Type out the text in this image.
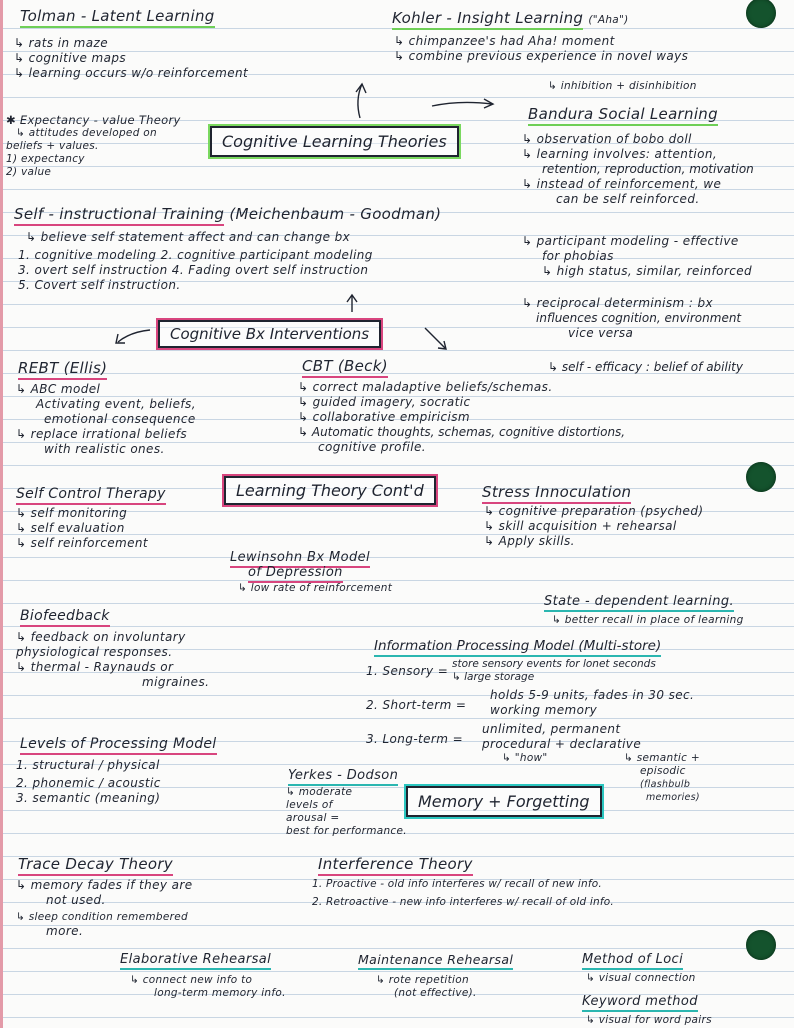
Tolman - Latent Learning
↳ rats in maze
↳ cognitive maps
↳ learning occurs w/o reinforcement
Kohler - Insight Learning ("Aha")
↳ chimpanzee's had Aha! moment
↳ combine previous experience in novel ways
✱ Expectancy - value Theory
↳ attitudes developed on
beliefs + values.
1) expectancy
2) value
Cognitive Learning Theories
↳ inhibition + disinhibition
Bandura Social Learning
↳ observation of bobo doll
↳ learning involves: attention,
retention, reproduction, motivation
↳ instead of reinforcement, we
can be self reinforced.
↳ participant modeling - effective
for phobias
↳ high status, similar, reinforced
↳ reciprocal determinism : bx
influences cognition, environment
vice versa
↳ self - efficacy : belief of ability
Self - instructional Training (Meichenbaum - Goodman)
↳ believe self statement affect and can change bx
1. cognitive modeling 2. cognitive participant modeling
3. overt self instruction 4. Fading overt self instruction
5. Covert self instruction.
Cognitive Bx Interventions
REBT (Ellis)
↳ ABC model
Activating event, beliefs,
emotional consequence
↳ replace irrational beliefs
with realistic ones.
CBT (Beck)
↳ correct maladaptive beliefs/schemas.
↳ guided imagery, socratic
↳ collaborative empiricism
↳ Automatic thoughts, schemas, cognitive distortions,
cognitive profile.
Self Control Therapy
↳ self monitoring
↳ self evaluation
↳ self reinforcement
Learning Theory Cont'd	Stress Innoculation
↳ cognitive preparation (psyched)
↳ skill acquisition + rehearsal
↳ Apply skills.
Lewinsohn Bx Model
of Depression
↳ low rate of reinforcement
State - dependent learning.
↳ better recall in place of learning
Biofeedback
↳ feedback on involuntary
physiological responses.
↳ thermal - Raynauds or
migraines.
Information Processing Model (Multi-store)
1. Sensory = store sensory events for lonet seconds
↳ large storage
2. Short-term =
holds 5-9 units, fades in 30 sec.
working memory
3. Long-term =
unlimited, permanent
procedural + declarative
↳ "how"	↳ semantic +
episodic
(flashbulb
memories)
Levels of Processing Model
1. structural / physical
2. phonemic / acoustic
3. semantic (meaning)
Yerkes - Dodson
↳ moderate
levels of
arousal =
best for performance.
Memory + Forgetting
Trace Decay Theory
↳ memory fades if they are
not used.
↳ sleep condition remembered
more.
Interference Theory
1. Proactive - old info interferes w/ recall of new info.
2. Retroactive - new info interferes w/ recall of old info.
Elaborative Rehearsal
↳ connect new info to
long-term memory info.
Maintenance Rehearsal
↳ rote repetition
(not effective).
Method of Loci
↳ visual connection
Keyword method
↳ visual for word pairs
